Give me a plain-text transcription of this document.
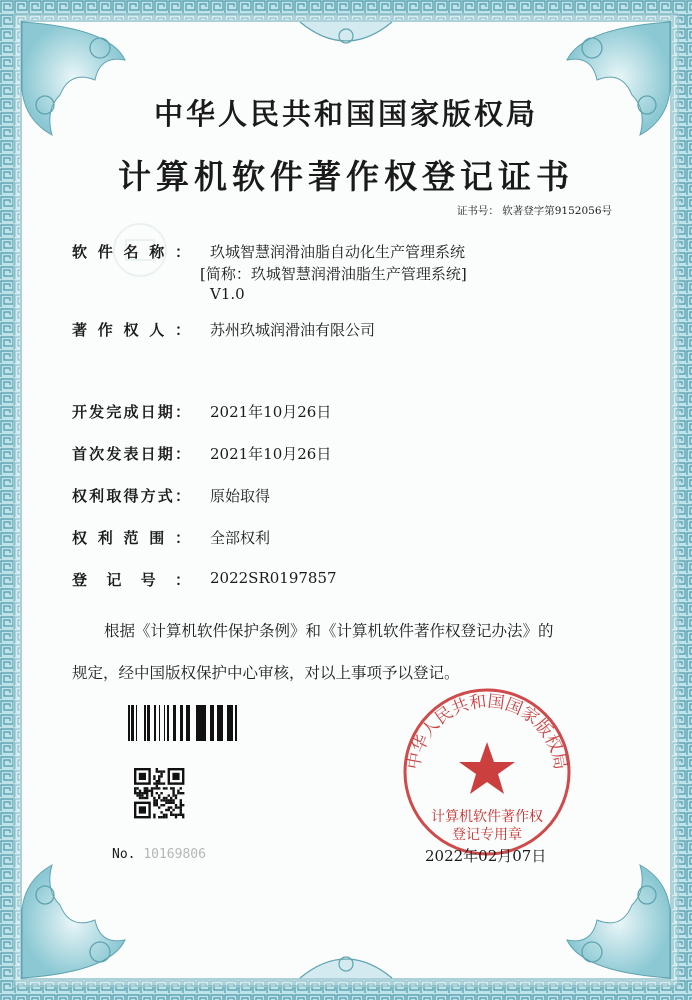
中华人民共和国国家版权局
计算机软件著作权登记证书
证书号： 软著登字第9152056号
软 件 名 称 ： 玖城智慧润滑油脂自动化生产管理系统
[简称：玖城智慧润滑油脂生产管理系统]
V1.0
著 作 权 人 ： 苏州玖城润滑油有限公司
开 发 完 成 日 期 ： 2021年10月26日
首 次 发 表 日 期 ： 2021年10月26日
权 利 取 得 方 式 ： 原始取得
权 利 范 围 ： 全部权利
登 记 号 ： 2022SR0197857
根据《计算机软件保护条例》和《计算机软件著作权登记办法》的
规定，经中国版权保护中心审核，对以上事项予以登记。
No. 10169806
中华人民共和国国家版权局
计算机软件著作权
登记专用章
2022年02月07日
